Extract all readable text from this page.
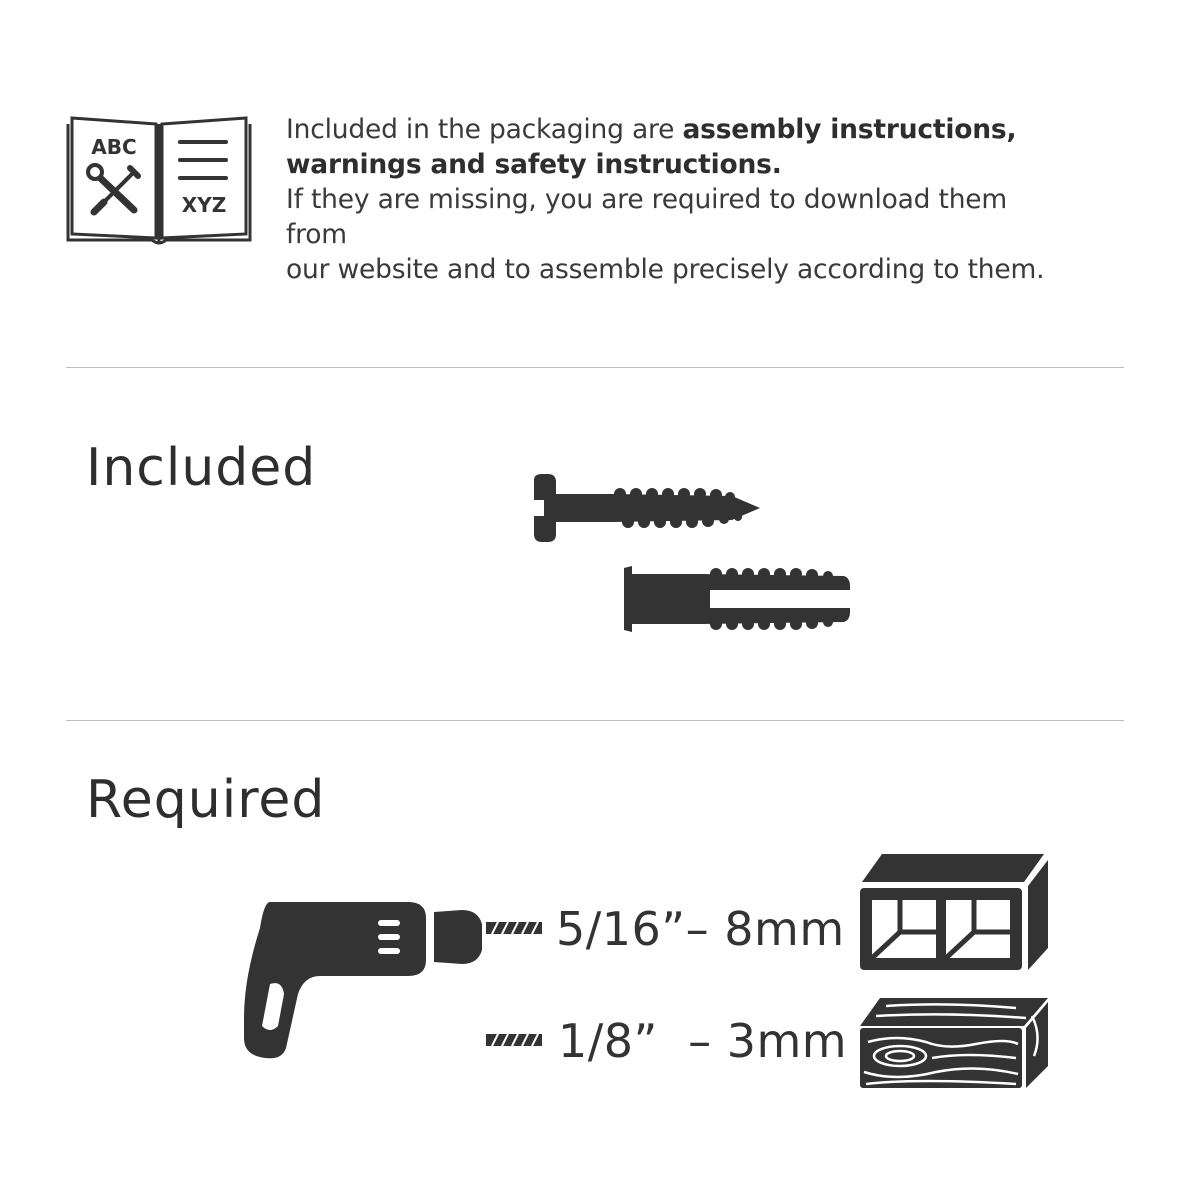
ABC
XYZ
Included in the packaging are assembly instructions,
warnings and safety instructions.
If they are missing, you are required to download them from
our website and to assemble precisely according to them.
Included
Required
5/16”– 8mm
1/8”  – 3mm
